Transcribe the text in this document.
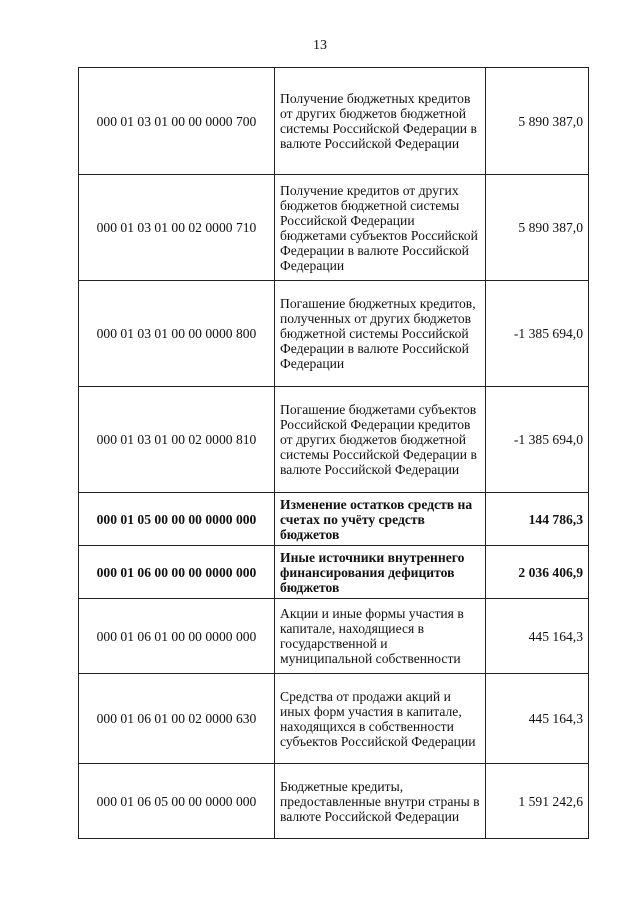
13
000 01 03 01 00 00 0000 700	Получение бюджетных кредитов от других бюджетов бюджетной системы Российской Федерации в валюте Российской Федерации	5 890 387,0
000 01 03 01 00 02 0000 710	Получение кредитов от других бюджетов бюджетной системы Российской Федерации бюджетами субъектов Российской Федерации в валюте Российской Федерации	5 890 387,0
000 01 03 01 00 00 0000 800	Погашение бюджетных кредитов, полученных от других бюджетов бюджетной системы Российской Федерации в валюте Российской Федерации	-1 385 694,0
000 01 03 01 00 02 0000 810	Погашение бюджетами субъектов Российской Федерации кредитов от других бюджетов бюджетной системы Российской Федерации в валюте Российской Федерации	-1 385 694,0
000 01 05 00 00 00 0000 000	Изменение остатков средств на счетах по учёту средств бюджетов	144 786,3
000 01 06 00 00 00 0000 000	Иные источники внутреннего финансирования дефицитов бюджетов	2 036 406,9
000 01 06 01 00 00 0000 000	Акции и иные формы участия в капитале, находящиеся в государственной и муниципальной собственности	445 164,3
000 01 06 01 00 02 0000 630	Средства от продажи акций и иных форм участия в капитале, находящихся в собственности субъектов Российской Федерации	445 164,3
000 01 06 05 00 00 0000 000	Бюджетные кредиты, предоставленные внутри страны в валюте Российской Федерации	1 591 242,6
